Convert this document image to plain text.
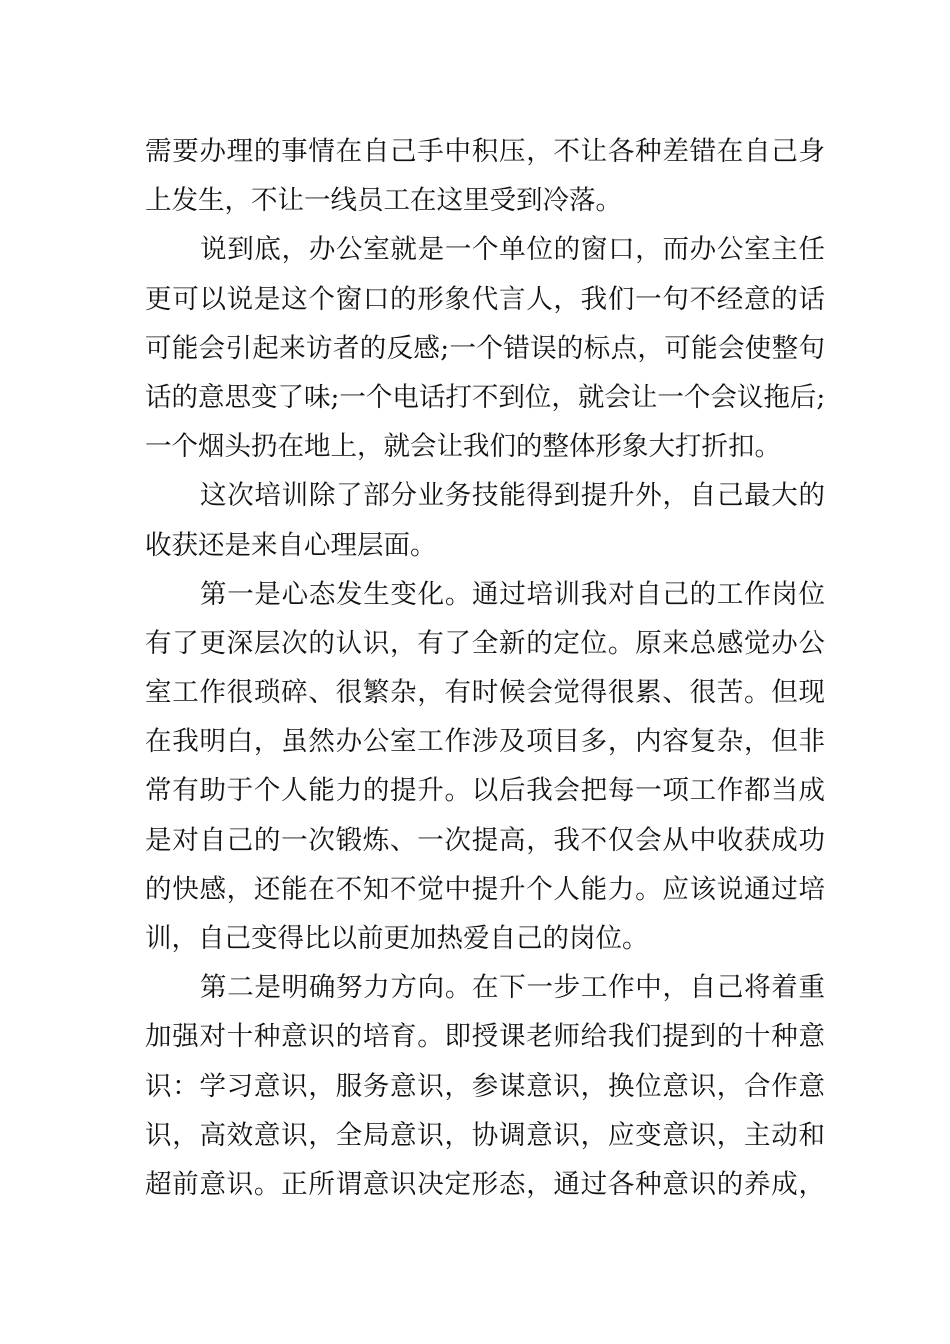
需要办理的事情在自己手中积压，不让各种差错在自己身
上发生，不让一线员工在这里受到冷落。
说到底，办公室就是一个单位的窗口，而办公室主任
更可以说是这个窗口的形象代言人，我们一句不经意的话
可能会引起来访者的反感;一个错误的标点，可能会使整句
话的意思变了味;一个电话打不到位，就会让一个会议拖后;
一个烟头扔在地上，就会让我们的整体形象大打折扣。
这次培训除了部分业务技能得到提升外，自己最大的
收获还是来自心理层面。
第一是心态发生变化。通过培训我对自己的工作岗位
有了更深层次的认识，有了全新的定位。原来总感觉办公
室工作很琐碎、很繁杂，有时候会觉得很累、很苦。但现
在我明白，虽然办公室工作涉及项目多，内容复杂，但非
常有助于个人能力的提升。以后我会把每一项工作都当成
是对自己的一次锻炼、一次提高，我不仅会从中收获成功
的快感，还能在不知不觉中提升个人能力。应该说通过培
训，自己变得比以前更加热爱自己的岗位。
第二是明确努力方向。在下一步工作中，自己将着重
加强对十种意识的培育。即授课老师给我们提到的十种意
识：学习意识，服务意识，参谋意识，换位意识，合作意
识，高效意识，全局意识，协调意识，应变意识，主动和
超前意识。正所谓意识决定形态，通过各种意识的养成，
